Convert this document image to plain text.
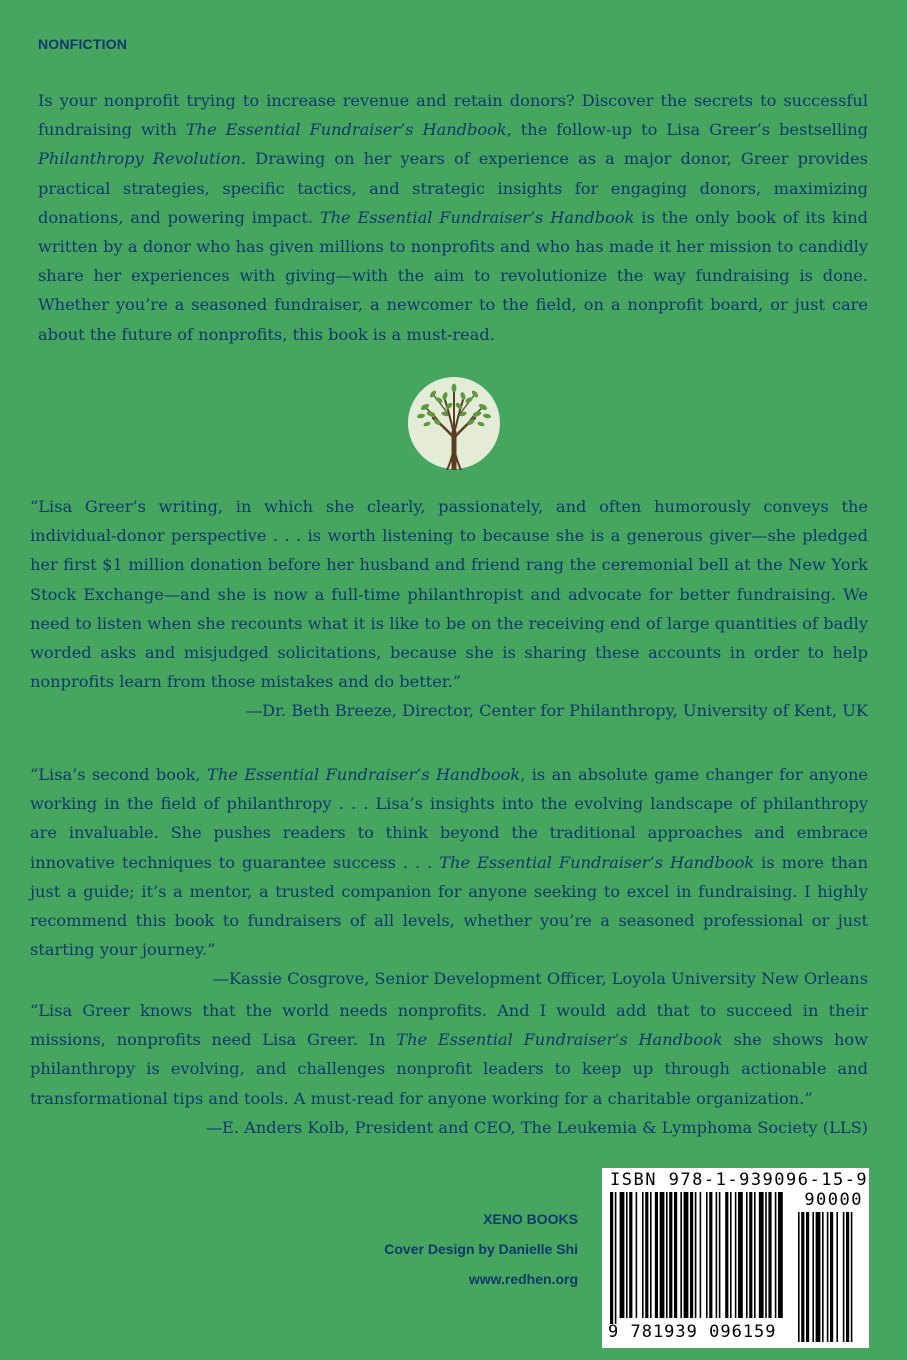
NONFICTION

Is your nonprofit trying to increase revenue and retain donors? Discover the secrets to successful fundraising with The Essential Fundraiser’s Handbook, the follow-up to Lisa Greer’s bestselling Philanthropy Revolution. Drawing on her years of experience as a major donor, Greer provides practical strategies, specific tactics, and strategic insights for engaging donors, maximizing donations, and powering impact. The Essential Fundraiser’s Handbook is the only book of its kind written by a donor who has given millions to nonprofits and who has made it her mission to candidly share her experiences with giving—with the aim to revolutionize the way fundraising is done. Whether you’re a seasoned fundraiser, a newcomer to the field, on a nonprofit board, or just care about the future of nonprofits, this book is a must-read.

“Lisa Greer’s writing, in which she clearly, passionately, and often humorously conveys the individual-donor perspective . . . is worth listening to because she is a generous giver—she pledged her first $1 million donation before her husband and friend rang the ceremonial bell at the New York Stock Exchange—and she is now a full-time philanthropist and advocate for better fundraising. We need to listen when she recounts what it is like to be on the receiving end of large quantities of badly worded asks and misjudged solicitations, because she is sharing these accounts in order to help nonprofits learn from those mistakes and do better.”

—Dr. Beth Breeze, Director, Center for Philanthropy, University of Kent, UK

“Lisa’s second book, The Essential Fundraiser’s Handbook, is an absolute game changer for anyone working in the field of philanthropy . . . Lisa’s insights into the evolving landscape of philanthropy are invaluable. She pushes readers to think beyond the traditional approaches and embrace innovative techniques to guarantee success . . . The Essential Fundraiser’s Handbook is more than just a guide; it’s a mentor, a trusted companion for anyone seeking to excel in fundraising. I highly recommend this book to fundraisers of all levels, whether you’re a seasoned professional or just starting your journey.”

—Kassie Cosgrove, Senior Development Officer, Loyola University New Orleans

“Lisa Greer knows that the world needs nonprofits. And I would add that to succeed in their missions, nonprofits need Lisa Greer. In The Essential Fundraiser’s Handbook she shows how philanthropy is evolving, and challenges nonprofit leaders to keep up through actionable and transformational tips and tools. A must-read for anyone working for a charitable organization.”

—E. Anders Kolb, President and CEO, The Leukemia & Lymphoma Society (LLS)

XENO BOOKS
Cover Design by Danielle Shi
www.redhen.org
ISBN 978-1-939096-15-9
90000
9 781939 096159
